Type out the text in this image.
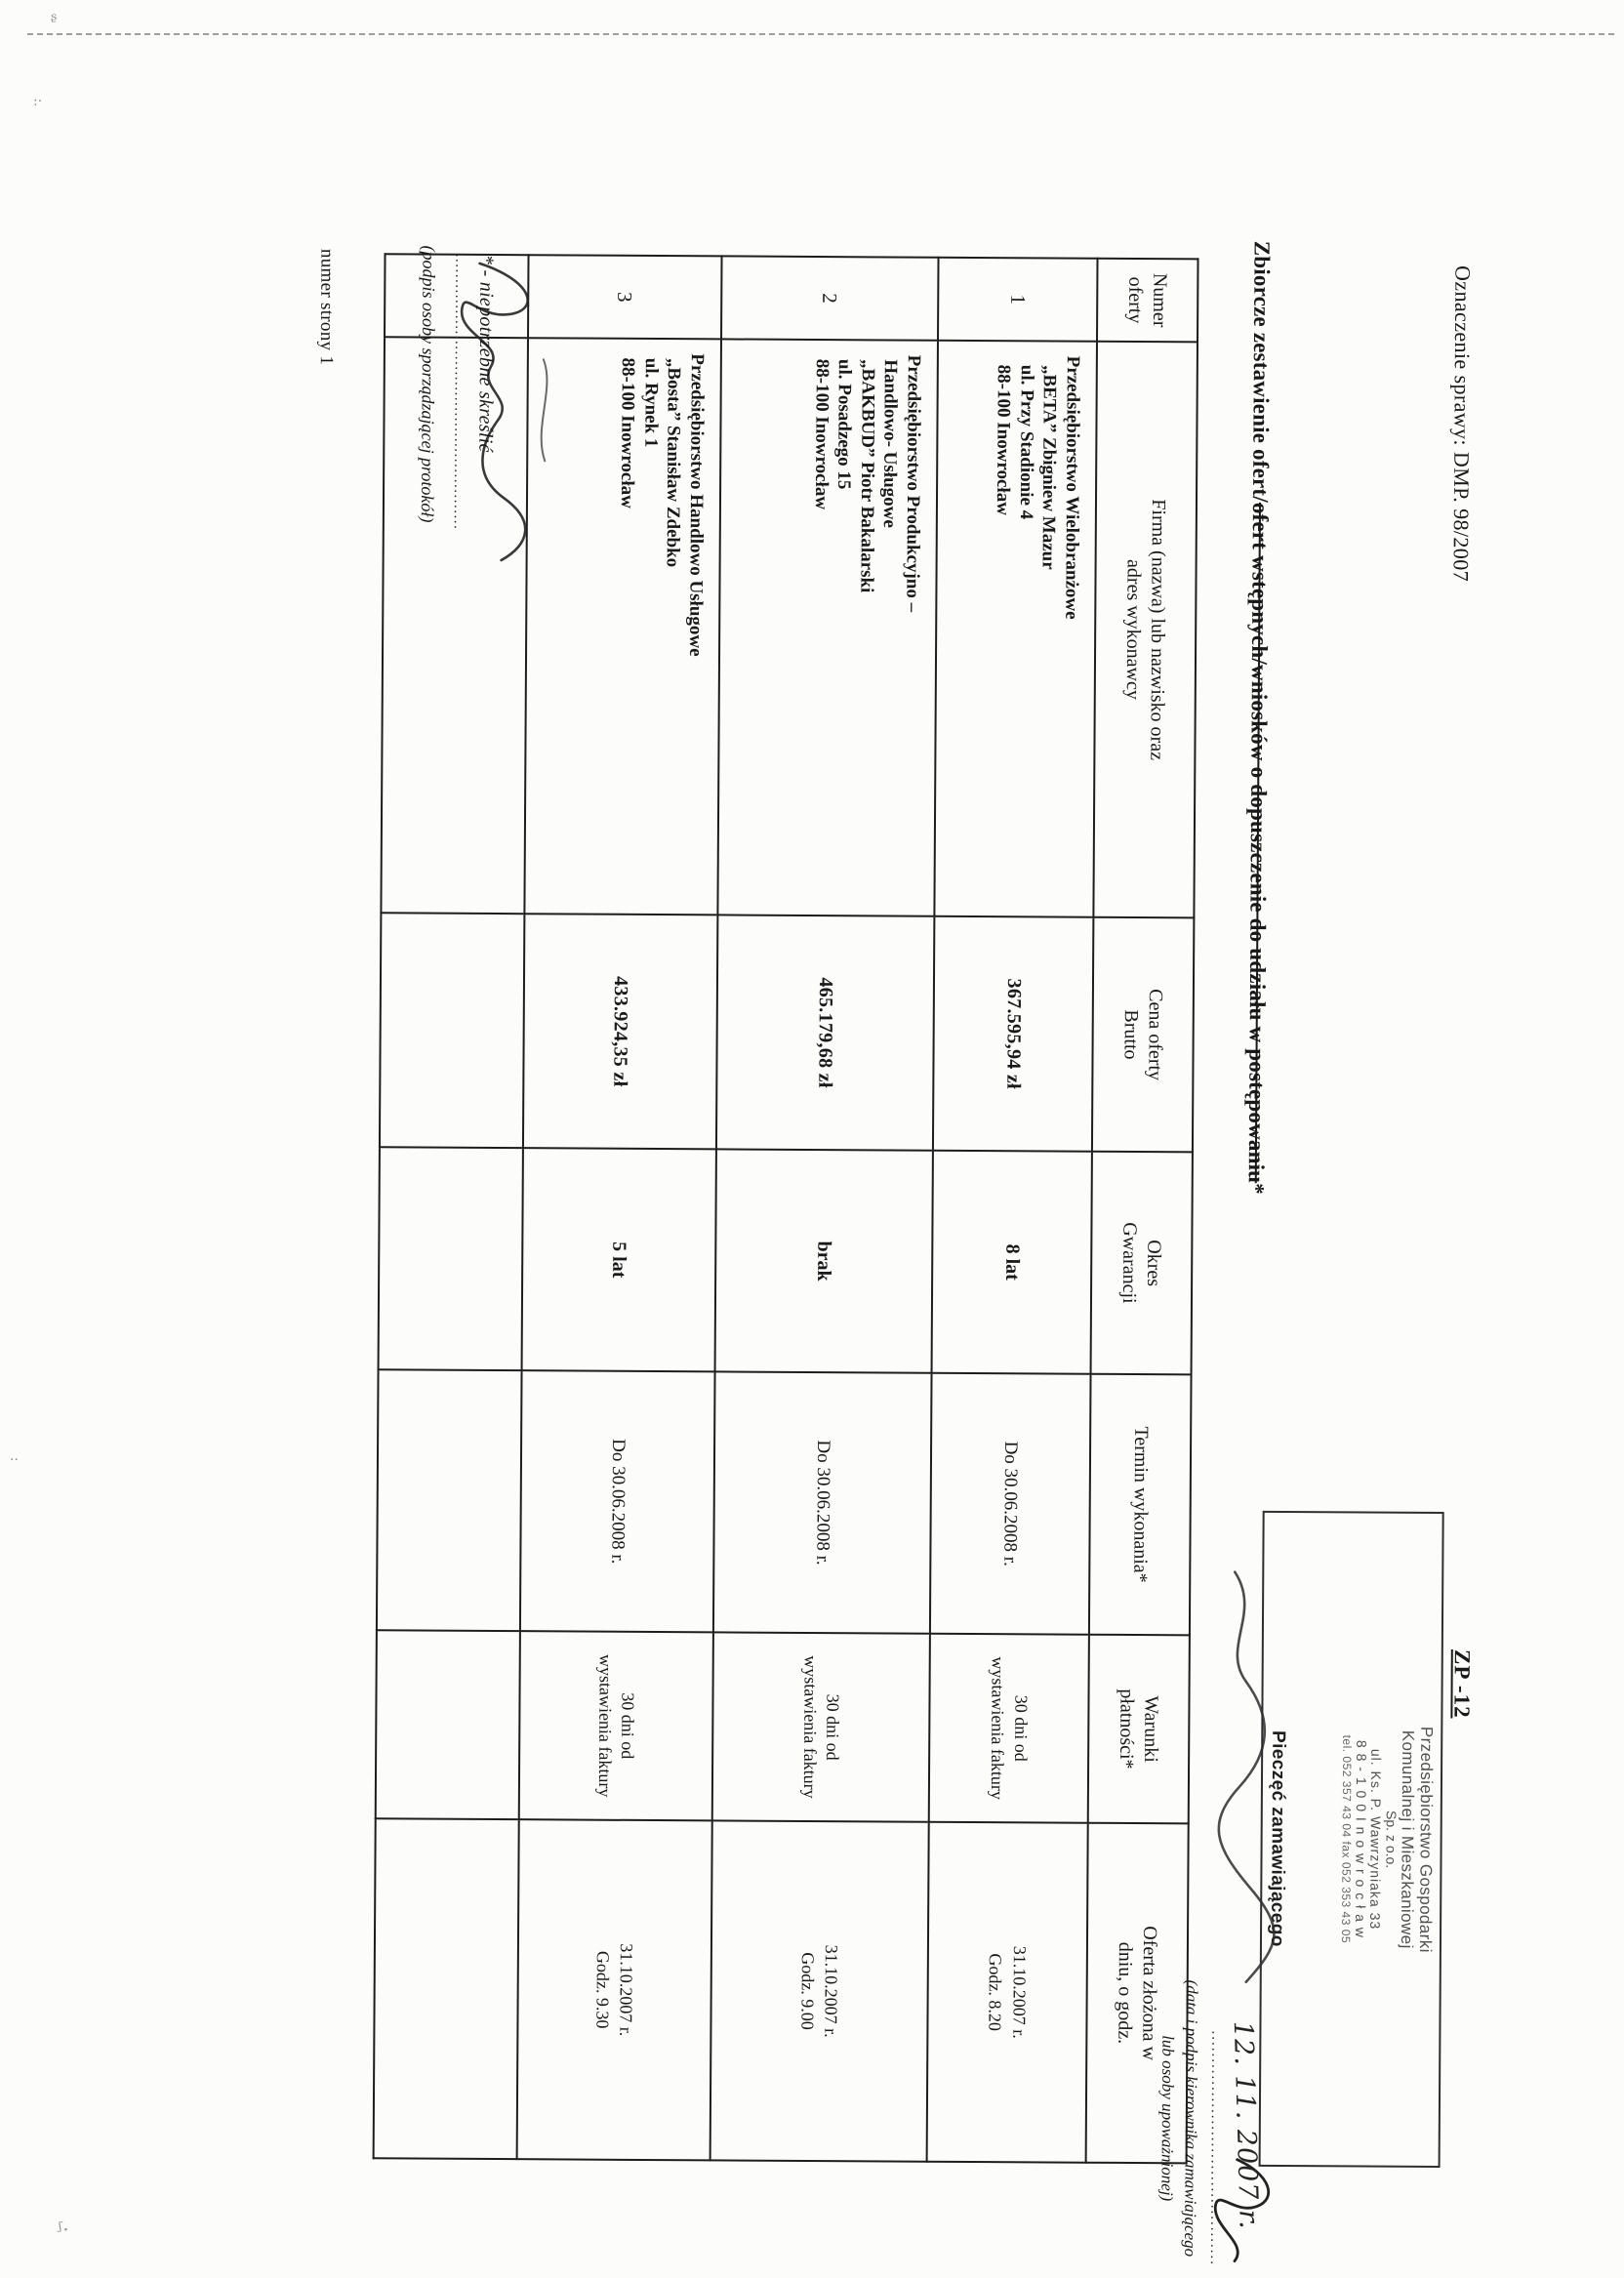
Oznaczenie sprawy: DMP. 98/2007
ZP -12
Przedsiębiorstwo Gospodarki
Komunalnej i Mieszkaniowej
Sp. z o.o.
ul. Ks. P. Wawrzyniaka 33
8 8 - 1 0 0 I n o w r o c ł a w
tel. 052 357 43 04 fax 052 353 43 05
Pieczęć zamawiającego
12. 11. 2007 r.
..........................................
(data i podpis kierownika zamawiającego
lub osoby upoważnionej)
Zbiorcze zestawienie ofert/ofert wstępnych/wniosków o dopuszczenie do udziału w postępowaniu*
Numer
oferty	Firma (nazwa) lub nazwisko oraz
adres wykonawcy	Cena oferty
Brutto	Okres
Gwarancji	Termin wykonania*	Warunki
płatności*	Oferta złożona w
dniu, o godz.
1	Przedsiębiorstwo Wielobranżowe
„BETA” Zbigniew Mazur
ul. Przy Stadionie 4
88-100 Inowrocław	367.595,94 zł	8 lat	Do 30.06.2008 r.	30 dni od
wystawienia faktury	31.10.2007 r.
Godz. 8.20
2	Przedsiębiorstwo Produkcyjno –
Handlowo- Usługowe
„BAKBUD” Piotr Bakalarski
ul. Posadzego 15
88-100 Inowrocław	465.179,68 zł	brak	Do 30.06.2008 r.	30 dni od
wystawienia faktury	31.10.2007 r.
Godz. 9.00
3	Przedsiębiorstwo Handlowo Usługowe
„Bosta” Stanisław Zdebko
ul. Rynek 1
88-100 Inowrocław	433.924,35 zł	5 lat	Do 30.06.2008 r.	30 dni od
wystawienia faktury	31.10.2007 r.
Godz. 9.30

* - niepotrzebne skreślić
......................................................
(podpis osoby sporządzającej protokół)
numer strony 1
ᶳ
:·
ᶴ·
··
